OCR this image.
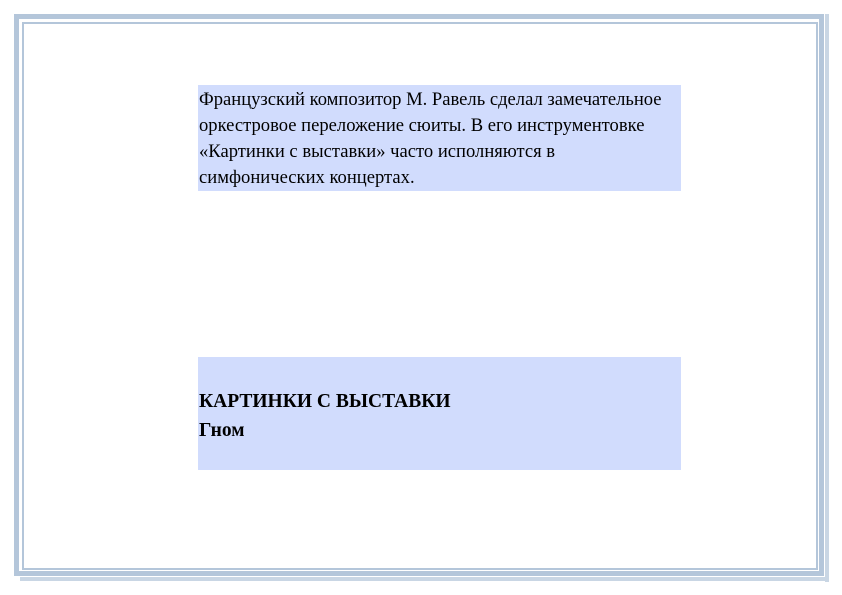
Французский композитор М. Равель сделал замечательное оркестровое переложение сюиты. В его инструментовке «Картинки с выставки» часто исполняются в симфонических концертах.
КАРТИНКИ С ВЫСТАВКИ
Гном
